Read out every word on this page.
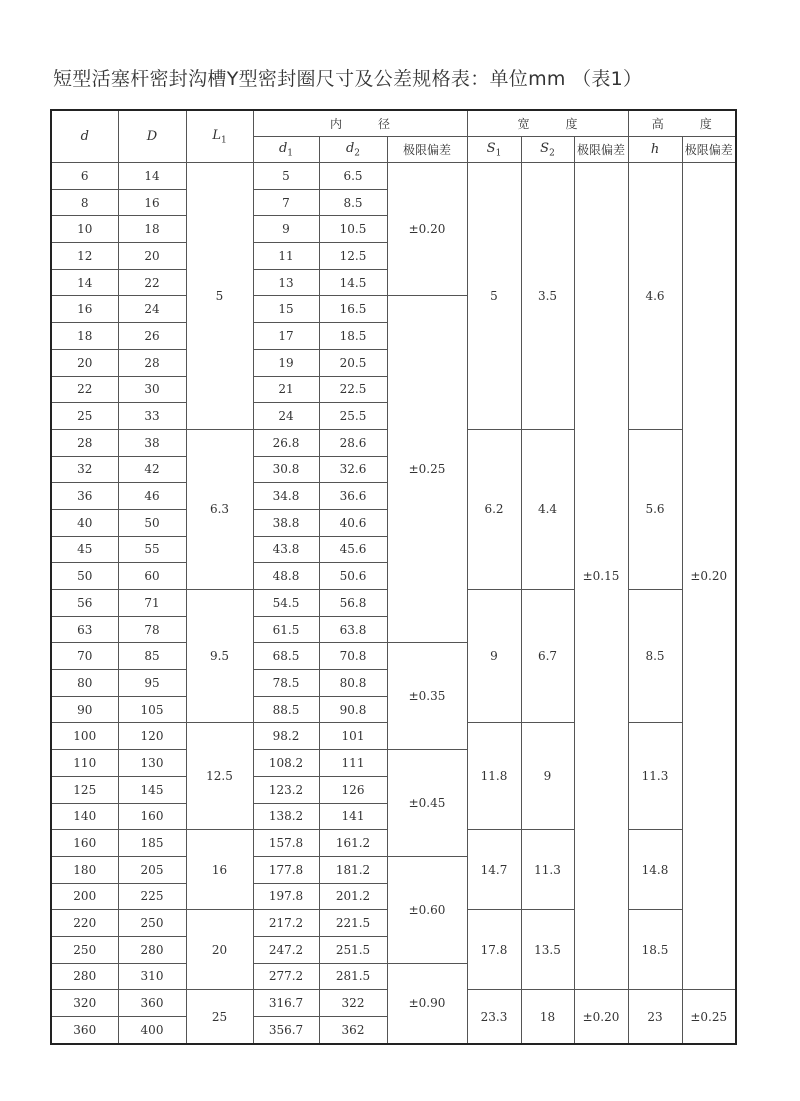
短型活塞杆密封沟槽Y型密封圈尺寸及公差规格表：单位mm （表1）
d	D	$L_1$	内　　　径			宽　　　度			高　　　度	
			$d_1$	$d_2$	极限偏差	$S_1$	$S_2$	极限偏差	h	极限偏差
6	14	5	5	6.5	±0.20	5	3.5	±0.15	4.6	±0.20
8	16		7	8.5						
10	18		9	10.5						
12	20		11	12.5						
14	22		13	14.5						
16	24		15	16.5	±0.25					
18	26		17	18.5						
20	28		19	20.5						
22	30		21	22.5						
25	33		24	25.5						
28	38	6.3	26.8	28.6		6.2	4.4		5.6	
32	42		30.8	32.6						
36	46		34.8	36.6						
40	50		38.8	40.6						
45	55		43.8	45.6						
50	60		48.8	50.6						
56	71	9.5	54.5	56.8		9	6.7		8.5	
63	78		61.5	63.8						
70	85		68.5	70.8	±0.35					
80	95		78.5	80.8						
90	105		88.5	90.8						
100	120	12.5	98.2	101		11.8	9		11.3	
110	130		108.2	111	±0.45					
125	145		123.2	126						
140	160		138.2	141						
160	185	16	157.8	161.2		14.7	11.3		14.8	
180	205		177.8	181.2	±0.60					
200	225		197.8	201.2						
220	250	20	217.2	221.5		17.8	13.5		18.5	
250	280		247.2	251.5						
280	310		277.2	281.5	±0.90					
320	360	25	316.7	322		23.3	18	±0.20	23	±0.25
360	400		356.7	362						
